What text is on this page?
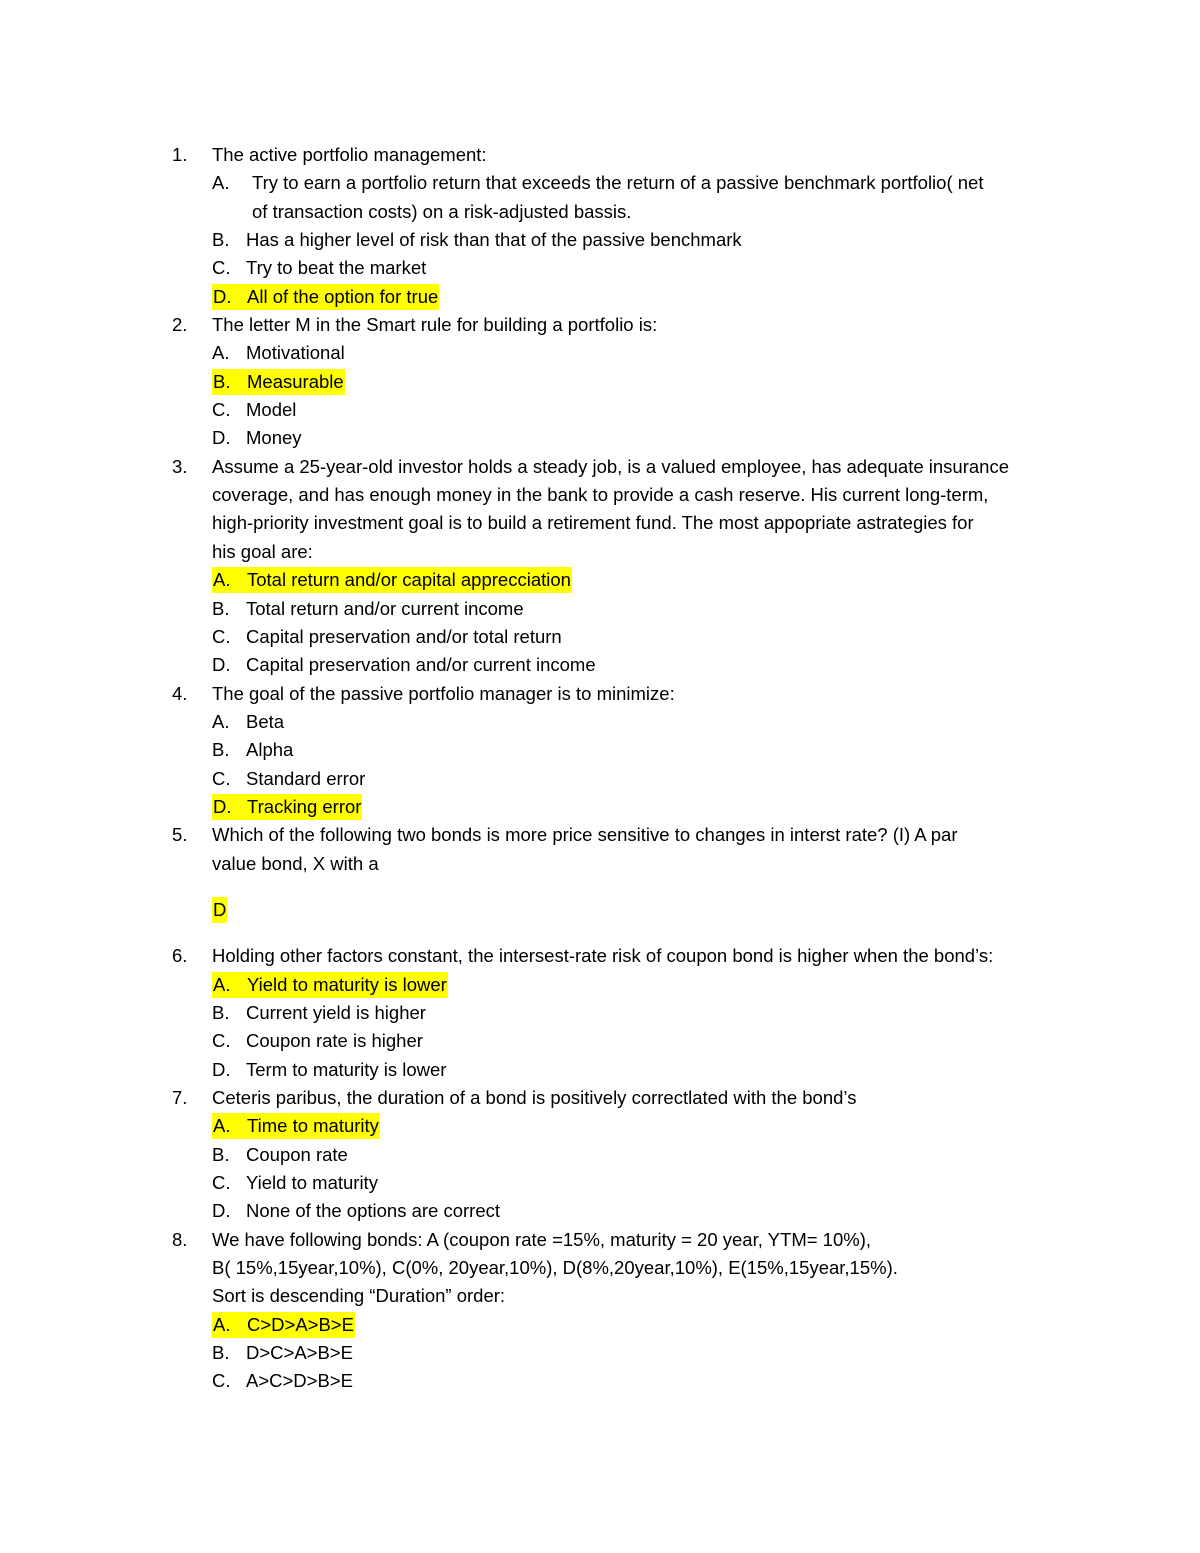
1. The active portfolio management:
A. Try to earn a portfolio return that exceeds the return of a passive benchmark portfolio( net
of transaction costs) on a risk-adjusted bassis.
B. Has a higher level of risk than that of the passive benchmark
C. Try to beat the market
D. All of the option for true
2. The letter M in the Smart rule for building a portfolio is:
A. Motivational
B. Measurable
C. Model
D. Money
3. Assume a 25-year-old investor holds a steady job, is a valued employee, has adequate insurance
coverage, and has enough money in the bank to provide a cash reserve. His current long-term,
high-priority investment goal is to build a retirement fund. The most appopriate astrategies for
his goal are:
A. Total return and/or capital apprecciation
B. Total return and/or current income
C. Capital preservation and/or total return
D. Capital preservation and/or current income
4. The goal of the passive portfolio manager is to minimize:
A. Beta
B. Alpha
C. Standard error
D. Tracking error
5. Which of the following two bonds is more price sensitive to changes in interst rate? (I) A par
value bond, X with a
D
6. Holding other factors constant, the intersest-rate risk of coupon bond is higher when the bond’s:
A. Yield to maturity is lower
B. Current yield is higher
C. Coupon rate is higher
D. Term to maturity is lower
7. Ceteris paribus, the duration of a bond is positively correctlated with the bond’s
A. Time to maturity
B. Coupon rate
C. Yield to maturity
D. None of the options are correct
8. We have following bonds: A (coupon rate =15%, maturity = 20 year, YTM= 10%),
B( 15%,15year,10%), C(0%, 20year,10%), D(8%,20year,10%), E(15%,15year,15%).
Sort is descending “Duration” order:
A. C>D>A>B>E
B. D>C>A>B>E
C. A>C>D>B>E
